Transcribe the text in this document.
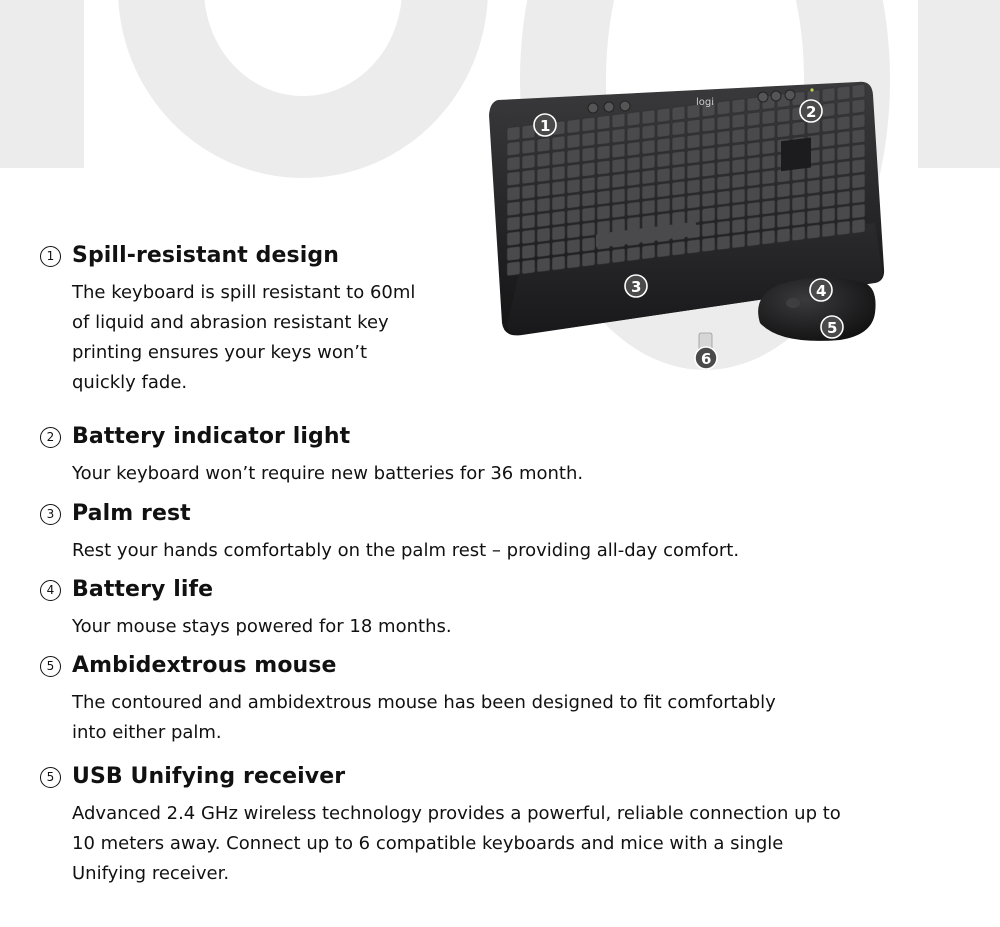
logi
1
2
3	4
5
6
1 Spill-resistant design
The keyboard is spill resistant to 60ml
of liquid and abrasion resistant key
printing ensures your keys won’t
quickly fade.
2 Battery indicator light
Your keyboard won’t require new batteries for 36 month.
3 Palm rest
Rest your hands comfortably on the palm rest – providing all-day comfort.
4 Battery life
Your mouse stays powered for 18 months.
5 Ambidextrous mouse
The contoured and ambidextrous mouse has been designed to fit comfortably
into either palm.
5 USB Unifying receiver
Advanced 2.4 GHz wireless technology provides a powerful, reliable connection up to
10 meters away. Connect up to 6 compatible keyboards and mice with a single
Unifying receiver.
